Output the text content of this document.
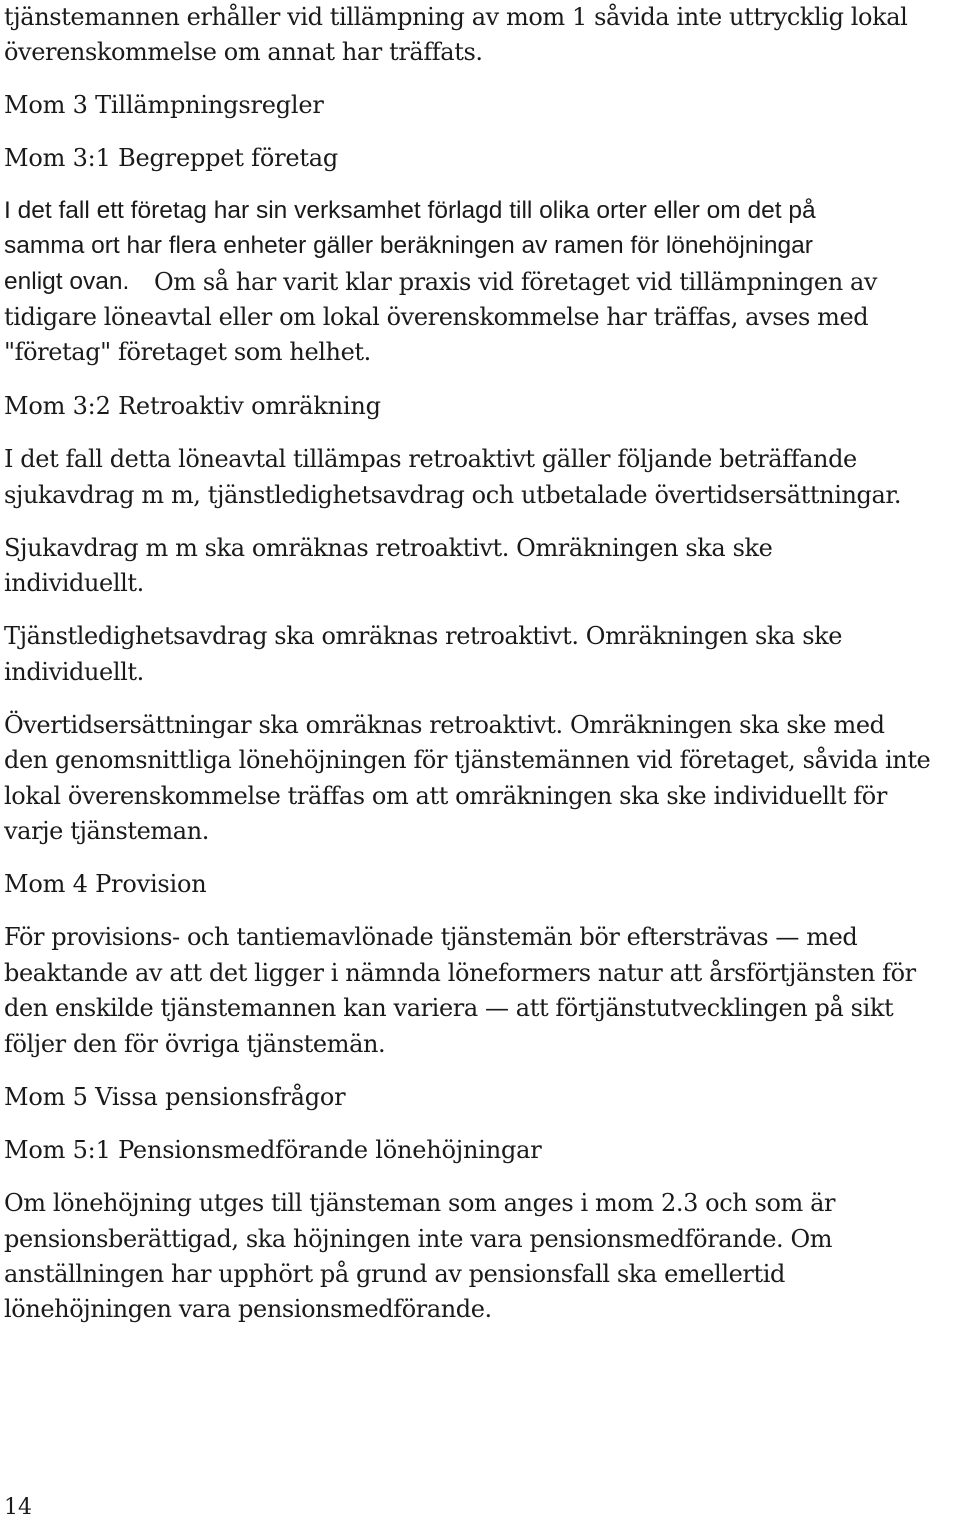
tjänstemannen erhåller vid tillämpning av mom 1 såvida inte uttrycklig lokal
överenskommelse om annat har träffats.
Mom 3 Tillämpningsregler
Mom 3:1 Begreppet företag
I det fall ett företag har sin verksamhet förlagd till olika orter eller om det på
samma ort har flera enheter gäller beräkningen av ramen för lönehöjningar
enligt ovan. Om så har varit klar praxis vid företaget vid tillämpningen av
tidigare löneavtal eller om lokal överenskommelse har träffas, avses med
"företag" företaget som helhet.
Mom 3:2 Retroaktiv omräkning
I det fall detta löneavtal tillämpas retroaktivt gäller följande beträffande
sjukavdrag m m, tjänstledighetsavdrag och utbetalade övertidsersättningar.
Sjukavdrag m m ska omräknas retroaktivt. Omräkningen ska ske
individuellt.
Tjänstledighetsavdrag ska omräknas retroaktivt. Omräkningen ska ske
individuellt.
Övertidsersättningar ska omräknas retroaktivt. Omräkningen ska ske med
den genomsnittliga lönehöjningen för tjänstemännen vid företaget, såvida inte
lokal överenskommelse träffas om att omräkningen ska ske individuellt för
varje tjänsteman.
Mom 4 Provision
För provisions- och tantiemavlönade tjänstemän bör eftersträvas — med
beaktande av att det ligger i nämnda löneformers natur att årsförtjänsten för
den enskilde tjänstemannen kan variera — att förtjänstutvecklingen på sikt
följer den för övriga tjänstemän.
Mom 5 Vissa pensionsfrågor
Mom 5:1 Pensionsmedförande lönehöjningar
Om lönehöjning utges till tjänsteman som anges i mom 2.3 och som är
pensionsberättigad, ska höjningen inte vara pensionsmedförande. Om
anställningen har upphört på grund av pensionsfall ska emellertid
lönehöjningen vara pensionsmedförande.
14
